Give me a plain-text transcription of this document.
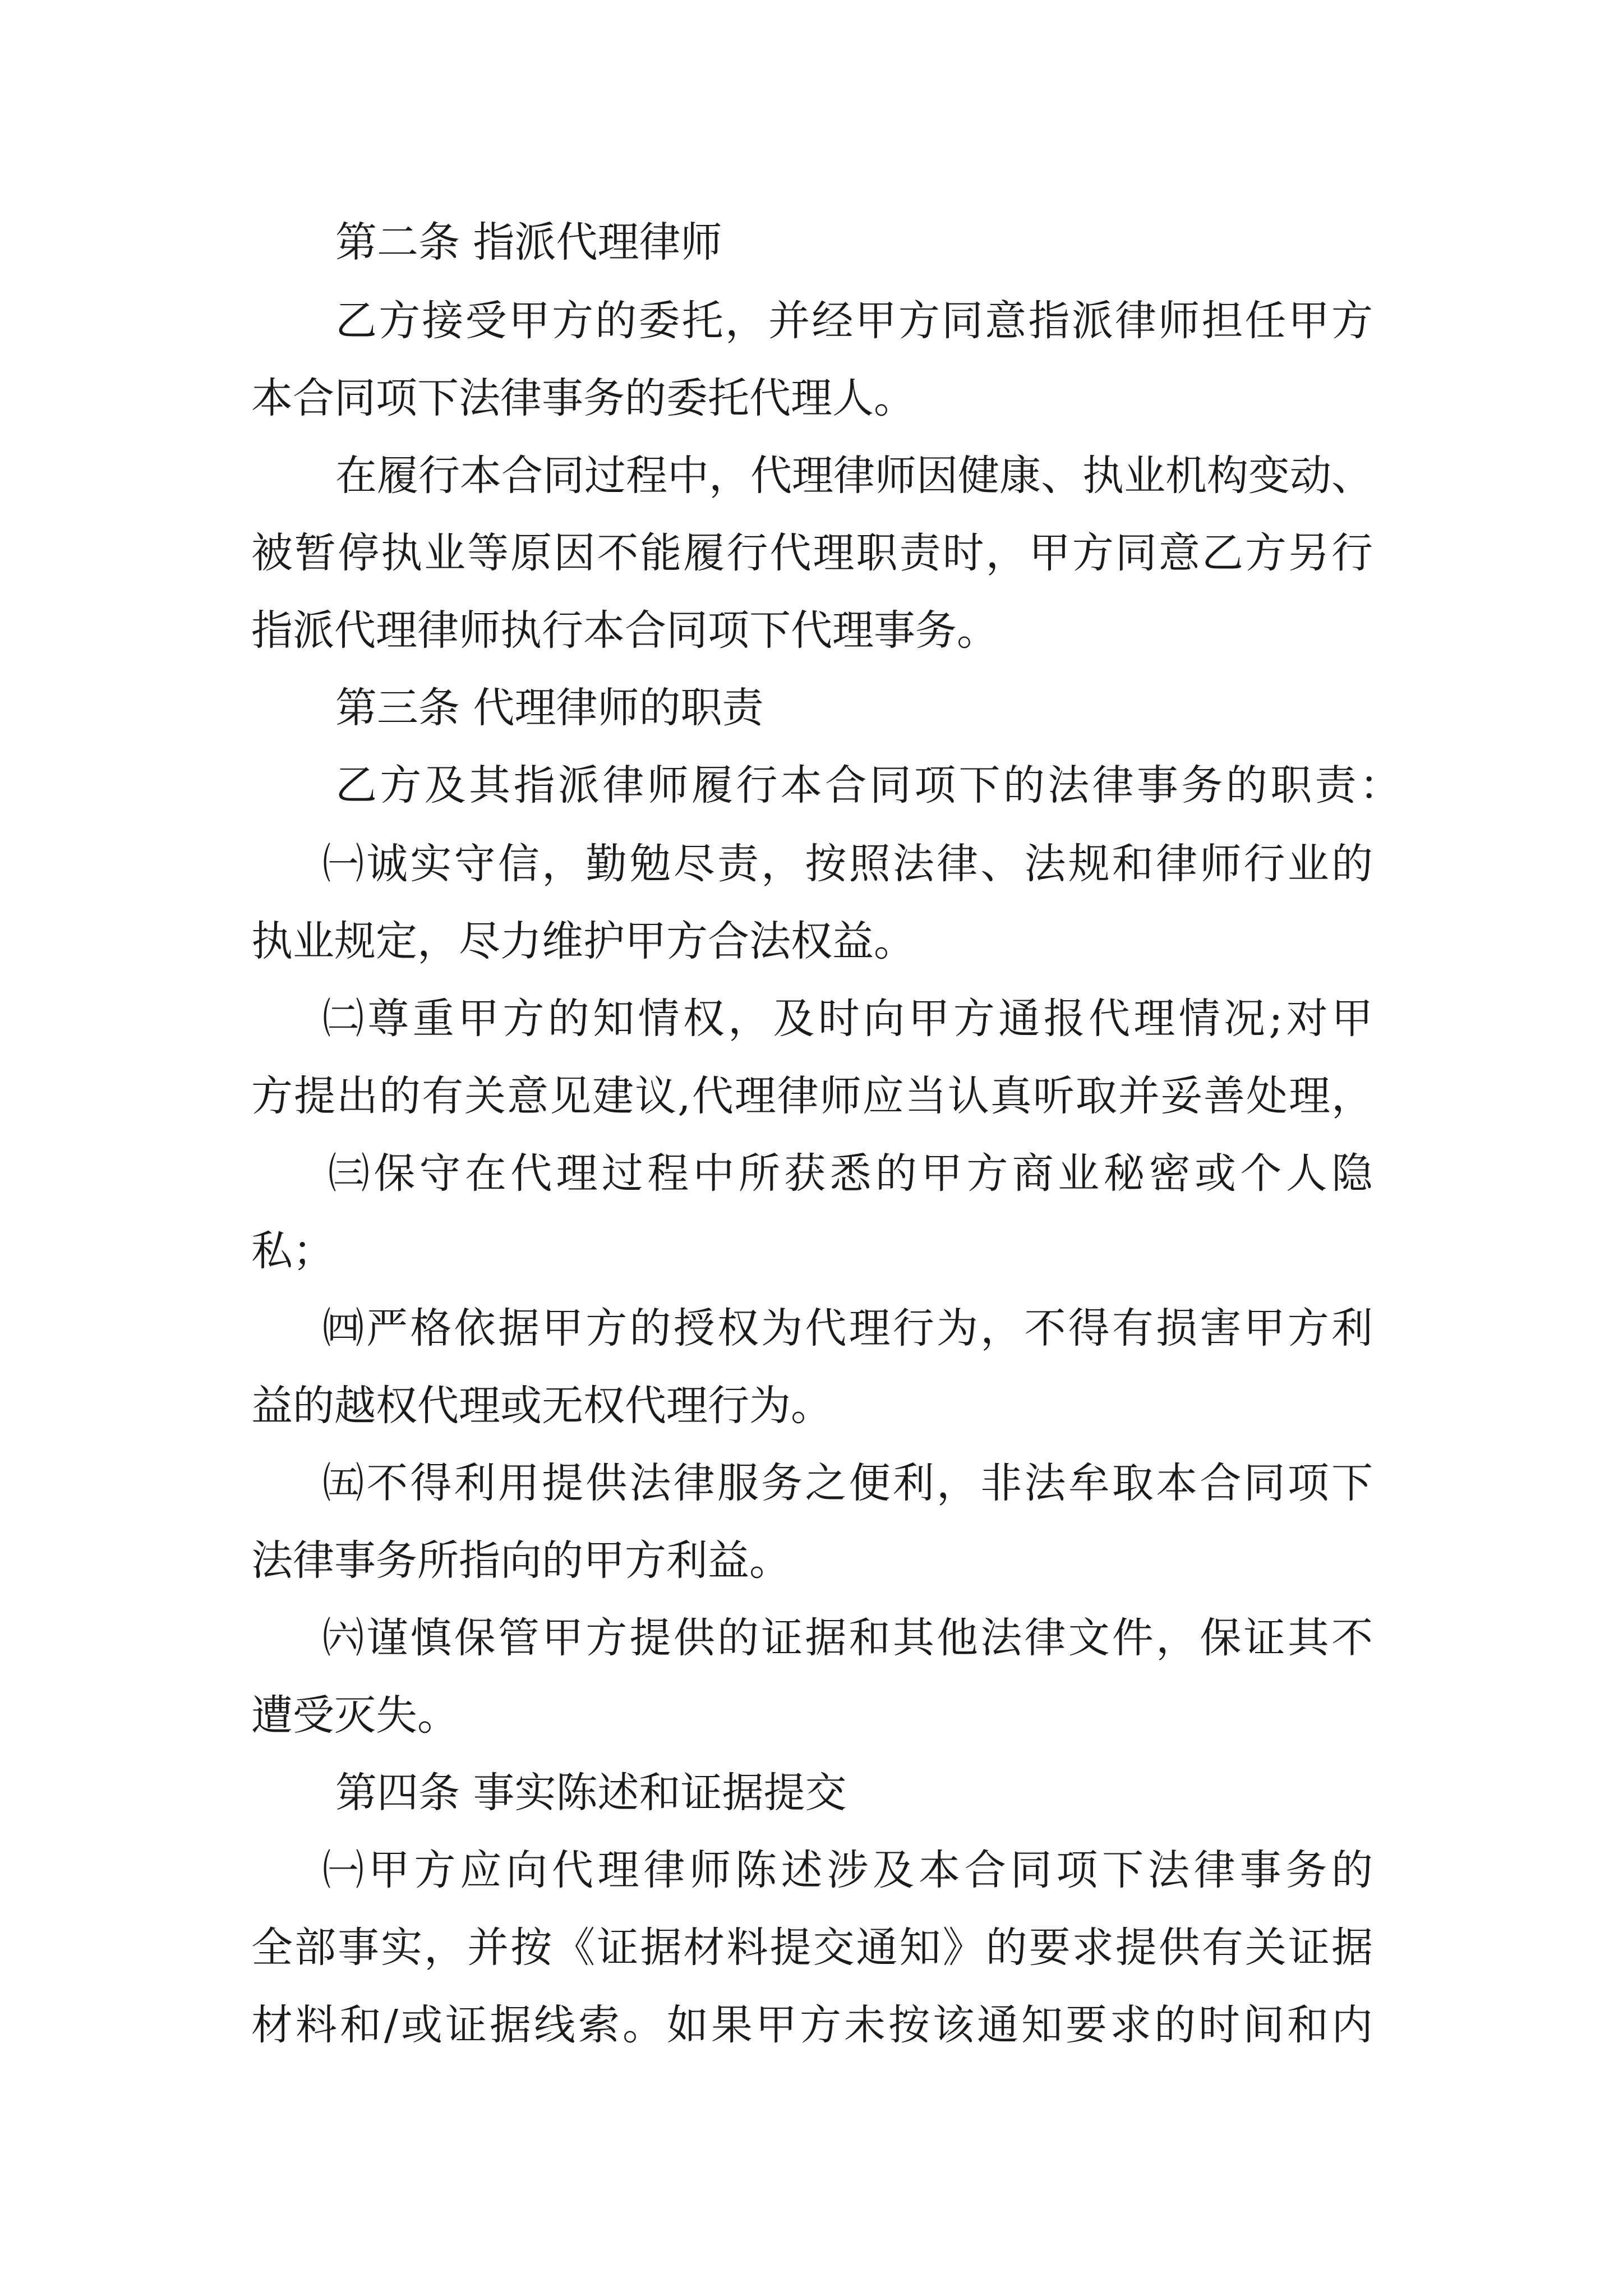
第二条 指派代理律师

乙方接受甲方的委托，并经甲方同意指派律师担任甲方

本合同项下法律事务的委托代理人。

在履行本合同过程中，代理律师因健康、执业机构变动、

被暂停执业等原因不能履行代理职责时，甲方同意乙方另行

指派代理律师执行本合同项下代理事务。

第三条 代理律师的职责

乙方及其指派律师履行本合同项下的法律事务的职责：

㈠诚实守信，勤勉尽责，按照法律、法规和律师行业的

执业规定，尽力维护甲方合法权益。

㈡尊重甲方的知情权，及时向甲方通报代理情况;对甲

方提出的有关意见建议,代理律师应当认真听取并妥善处理，

㈢保守在代理过程中所获悉的甲方商业秘密或个人隐

私；

㈣严格依据甲方的授权为代理行为，不得有损害甲方利

益的越权代理或无权代理行为。

㈤不得利用提供法律服务之便利，非法牟取本合同项下

法律事务所指向的甲方利益。

㈥谨慎保管甲方提供的证据和其他法律文件，保证其不

遭受灭失。

第四条 事实陈述和证据提交

㈠甲方应向代理律师陈述涉及本合同项下法律事务的

全部事实，并按《证据材料提交通知》的要求提供有关证据

材料和/或证据线索。如果甲方未按该通知要求的时间和内
